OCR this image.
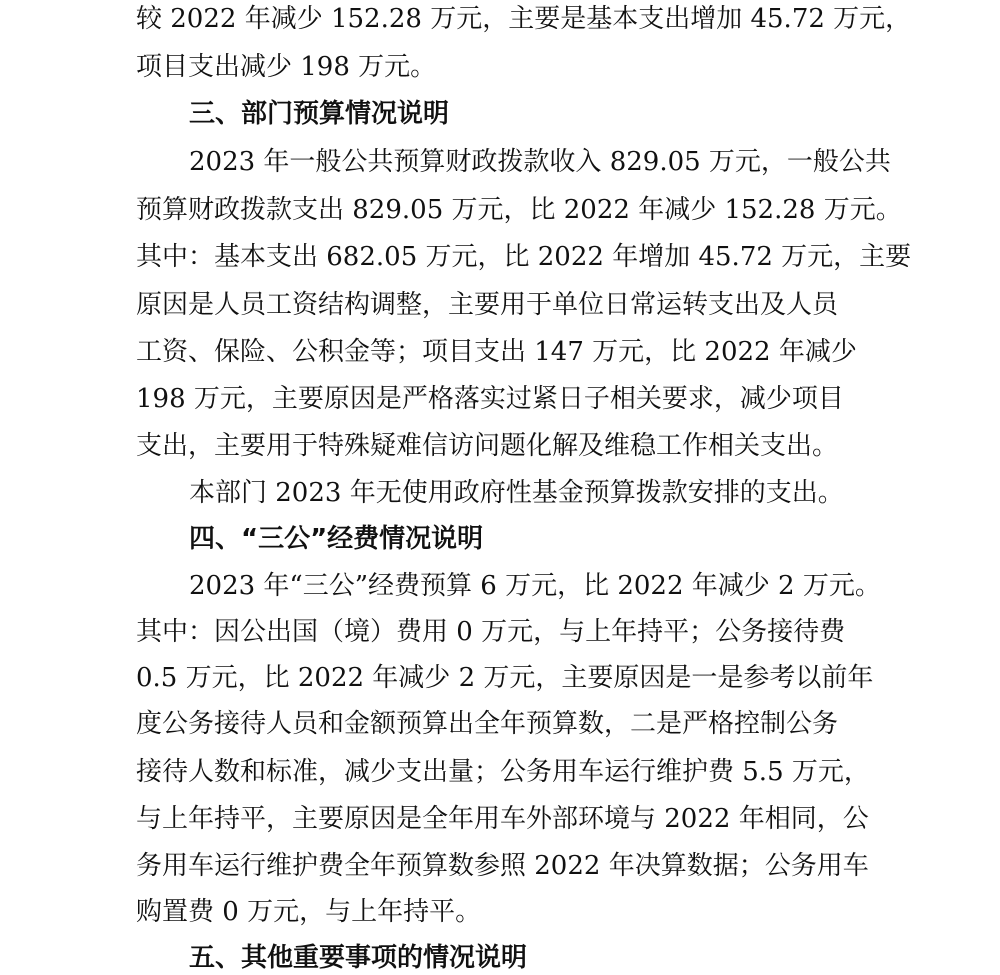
较 2022 年减少 152.28 万元，主要是基本支出增加 45.72 万元，
项目支出减少 198 万元。
三、部门预算情况说明
2023 年一般公共预算财政拨款收入 829.05 万元，一般公共
预算财政拨款支出 829.05 万元，比 2022 年减少 152.28 万元。
其中：基本支出 682.05 万元，比 2022 年增加 45.72 万元，主要
原因是人员工资结构调整，主要用于单位日常运转支出及人员
工资、保险、公积金等；项目支出 147 万元，比 2022 年减少
198 万元，主要原因是严格落实过紧日子相关要求，减少项目
支出，主要用于特殊疑难信访问题化解及维稳工作相关支出。
本部门 2023 年无使用政府性基金预算拨款安排的支出。
四、“三公”经费情况说明
2023 年“三公”经费预算 6 万元，比 2022 年减少 2 万元。
其中：因公出国（境）费用 0 万元，与上年持平；公务接待费
0.5 万元，比 2022 年减少 2 万元，主要原因是一是参考以前年
度公务接待人员和金额预算出全年预算数，二是严格控制公务
接待人数和标准，减少支出量；公务用车运行维护费 5.5 万元，
与上年持平，主要原因是全年用车外部环境与 2022 年相同，公
务用车运行维护费全年预算数参照 2022 年决算数据；公务用车
购置费 0 万元，与上年持平。
五、其他重要事项的情况说明
